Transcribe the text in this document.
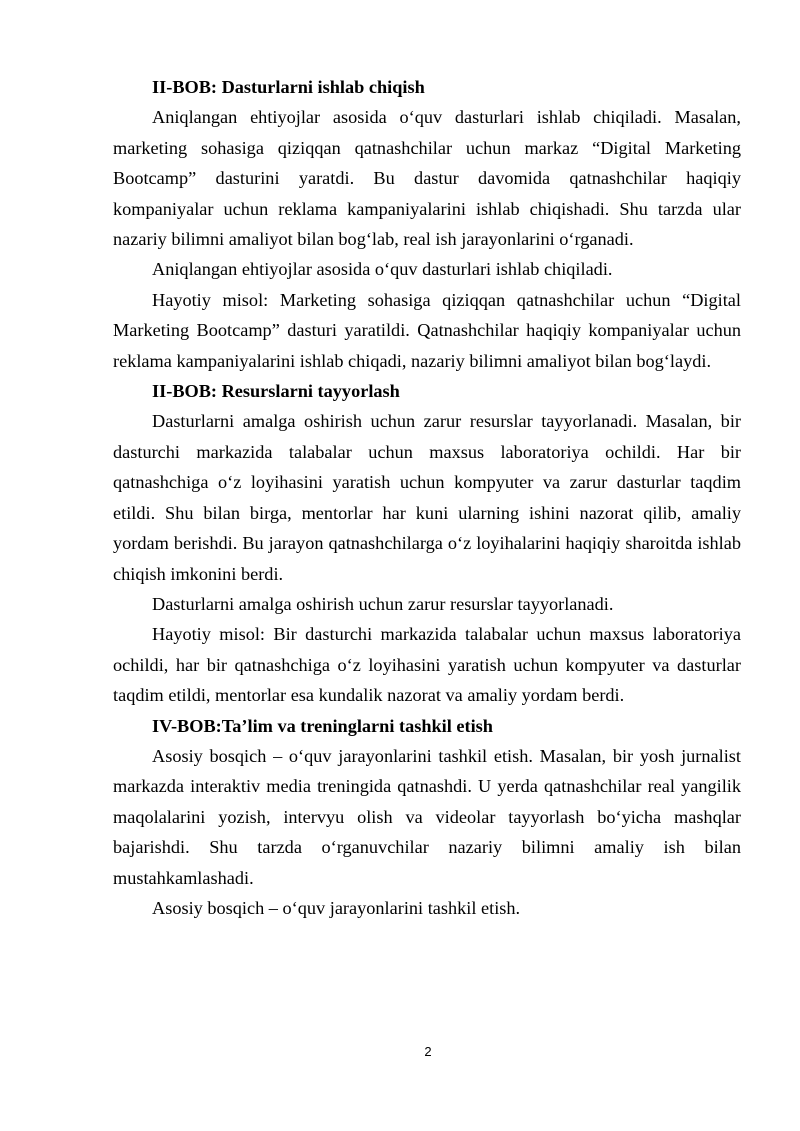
II-BOB: Dasturlarni ishlab chiqish

Aniqlangan ehtiyojlar asosida o‘quv dasturlari ishlab chiqiladi. Masalan, marketing sohasiga qiziqqan qatnashchilar uchun markaz “Digital Marketing Bootcamp” dasturini yaratdi. Bu dastur davomida qatnashchilar haqiqiy kompaniyalar uchun reklama kampaniyalarini ishlab chiqishadi. Shu tarzda ular nazariy bilimni amaliyot bilan bog‘lab, real ish jarayonlarini o‘rganadi.

Aniqlangan ehtiyojlar asosida o‘quv dasturlari ishlab chiqiladi.

Hayotiy misol: Marketing sohasiga qiziqqan qatnashchilar uchun “Digital Marketing Bootcamp” dasturi yaratildi. Qatnashchilar haqiqiy kompaniyalar uchun reklama kampaniyalarini ishlab chiqadi, nazariy bilimni amaliyot bilan bog‘laydi.

II-BOB: Resurslarni tayyorlash

Dasturlarni amalga oshirish uchun zarur resurslar tayyorlanadi. Masalan, bir dasturchi markazida talabalar uchun maxsus laboratoriya ochildi. Har bir qatnashchiga o‘z loyihasini yaratish uchun kompyuter va zarur dasturlar taqdim etildi. Shu bilan birga, mentorlar har kuni ularning ishini nazorat qilib, amaliy yordam berishdi. Bu jarayon qatnashchilarga o‘z loyihalarini haqiqiy sharoitda ishlab chiqish imkonini berdi.

Dasturlarni amalga oshirish uchun zarur resurslar tayyorlanadi.

Hayotiy misol: Bir dasturchi markazida talabalar uchun maxsus laboratoriya ochildi, har bir qatnashchiga o‘z loyihasini yaratish uchun kompyuter va dasturlar taqdim etildi, mentorlar esa kundalik nazorat va amaliy yordam berdi.

IV-BOB:Ta’lim va treninglarni tashkil etish

Asosiy bosqich – o‘quv jarayonlarini tashkil etish. Masalan, bir yosh jurnalist markazda interaktiv media treningida qatnashdi. U yerda qatnashchilar real yangilik maqolalarini yozish, intervyu olish va videolar tayyorlash bo‘yicha mashqlar bajarishdi. Shu tarzda o‘rganuvchilar nazariy bilimni amaliy ish bilan mustahkamlashadi.

Asosiy bosqich – o‘quv jarayonlarini tashkil etish.

2
